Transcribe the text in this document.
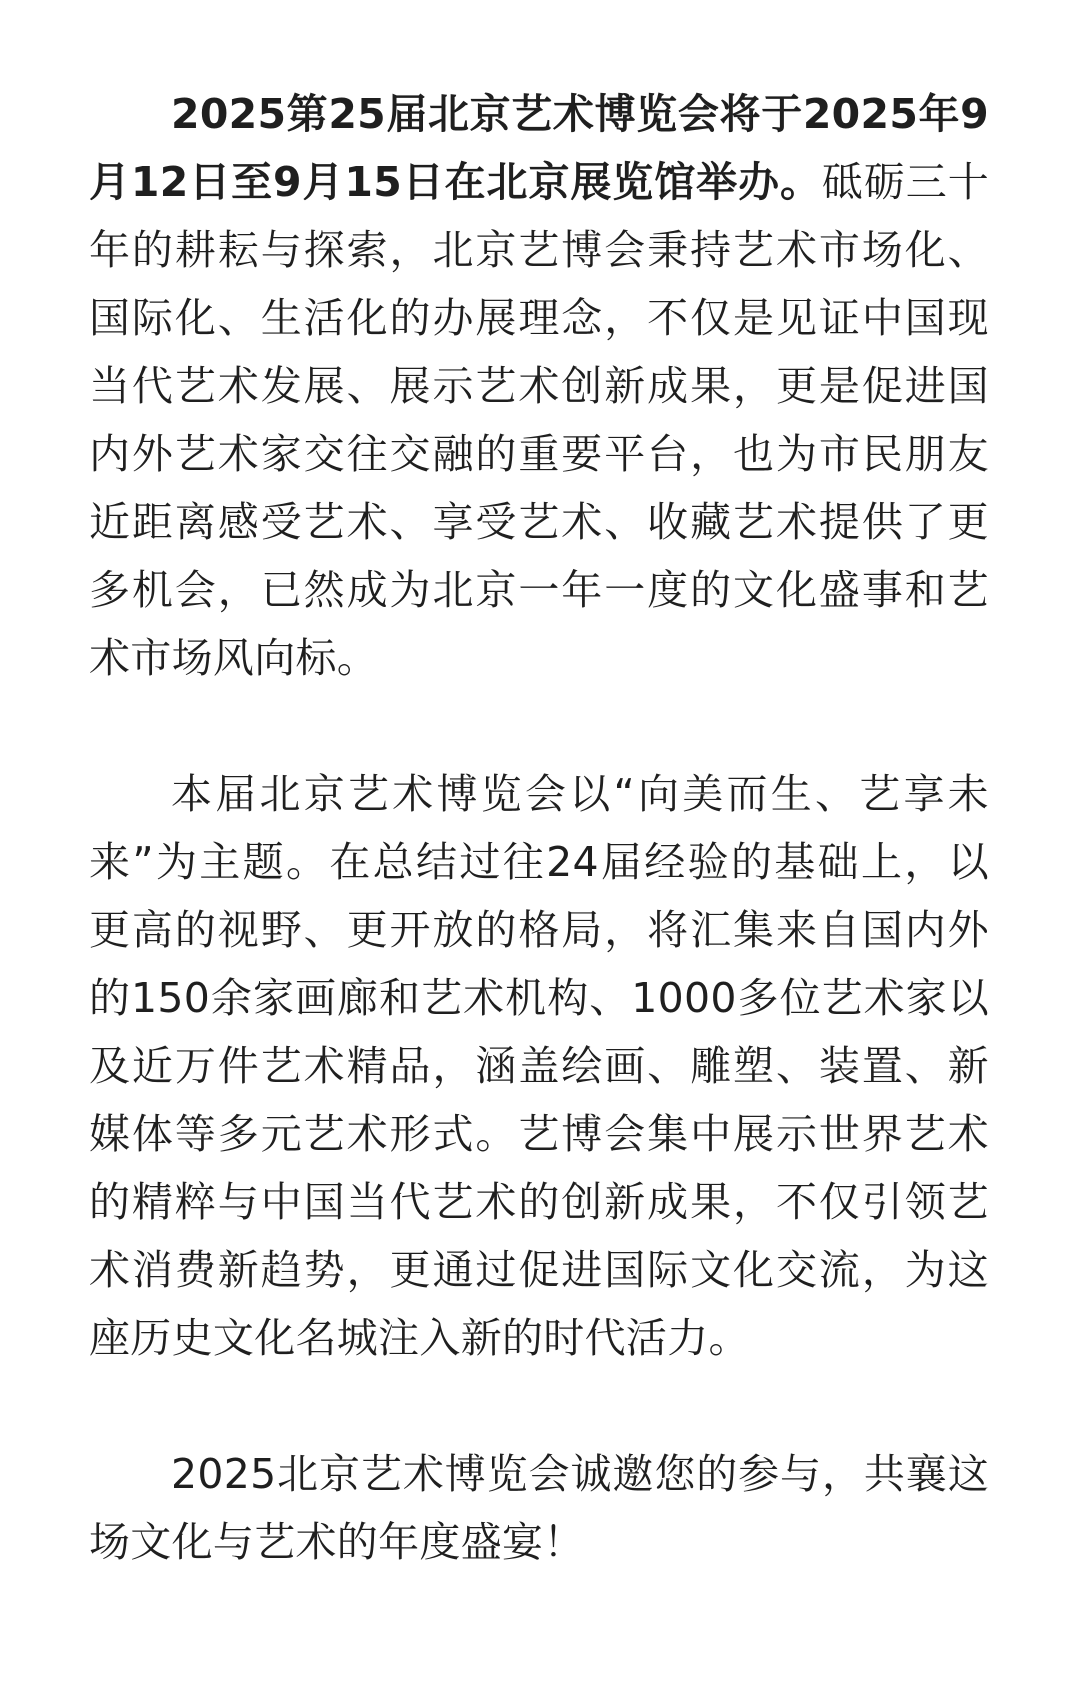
2025第25届北京艺术博览会将于2025年9月12日至9月15日在北京展览馆举办。砥砺三十年的耕耘与探索，北京艺博会秉持艺术市场化、国际化、生活化的办展理念，不仅是见证中国现当代艺术发展、展示艺术创新成果，更是促进国内外艺术家交往交融的重要平台，也为市民朋友近距离感受艺术、享受艺术、收藏艺术提供了更多机会，已然成为北京一年一度的文化盛事和艺术市场风向标。

本届北京艺术博览会以“向美而生、艺享未来”为主题。在总结过往24届经验的基础上，以更高的视野、更开放的格局，将汇集来自国内外的150余家画廊和艺术机构、1000多位艺术家以及近万件艺术精品，涵盖绘画、雕塑、装置、新媒体等多元艺术形式。艺博会集中展示世界艺术的精粹与中国当代艺术的创新成果，不仅引领艺术消费新趋势，更通过促进国际文化交流，为这座历史文化名城注入新的时代活力。

2025北京艺术博览会诚邀您的参与，共襄这场文化与艺术的年度盛宴！
